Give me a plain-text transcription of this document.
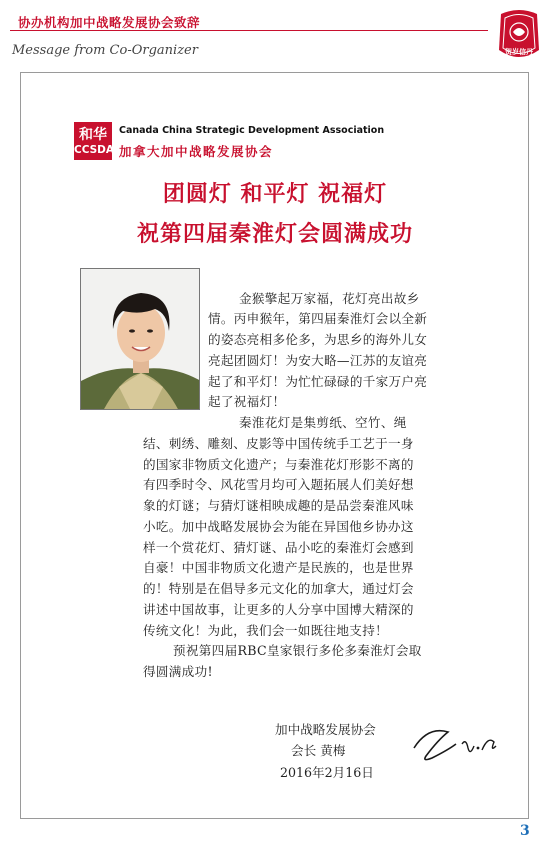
协办机构加中战略发展协会致辞
Message from Co-Organizer	贺岁信丹
和华
CCSDA
Canada China Strategic Development Association
加拿大加中战略发展协会
团圆灯 和平灯 祝福灯
祝第四届秦淮灯会圆满成功
金猴擎起万家福，花灯亮出故乡
情。丙申猴年，第四届秦淮灯会以全新
的姿态亮相多伦多，为思乡的海外儿女
亮起团圆灯！为安大略—江苏的友谊亮
起了和平灯！为忙忙碌碌的千家万户亮
起了祝福灯！
秦淮花灯是集剪纸、空竹、绳
结、刺绣、雕刻、皮影等中国传统手工艺于一身
的国家非物质文化遗产；与秦淮花灯形影不离的
有四季时令、风花雪月均可入题拓展人们美好想
象的灯谜；与猜灯谜相映成趣的是品尝秦淮风味
小吃。加中战略发展协会为能在异国他乡协办这
样一个赏花灯、猜灯谜、品小吃的秦淮灯会感到
自豪！中国非物质文化遗产是民族的，也是世界
的！特别是在倡导多元文化的加拿大，通过灯会
讲述中国故事，让更多的人分享中国博大精深的
传统文化！为此，我们会一如既往地支持！
预祝第四届RBC皇家银行多伦多秦淮灯会取
得圆满成功!
加中战略发展协会
会长 黄梅
2016年2月16日
3
